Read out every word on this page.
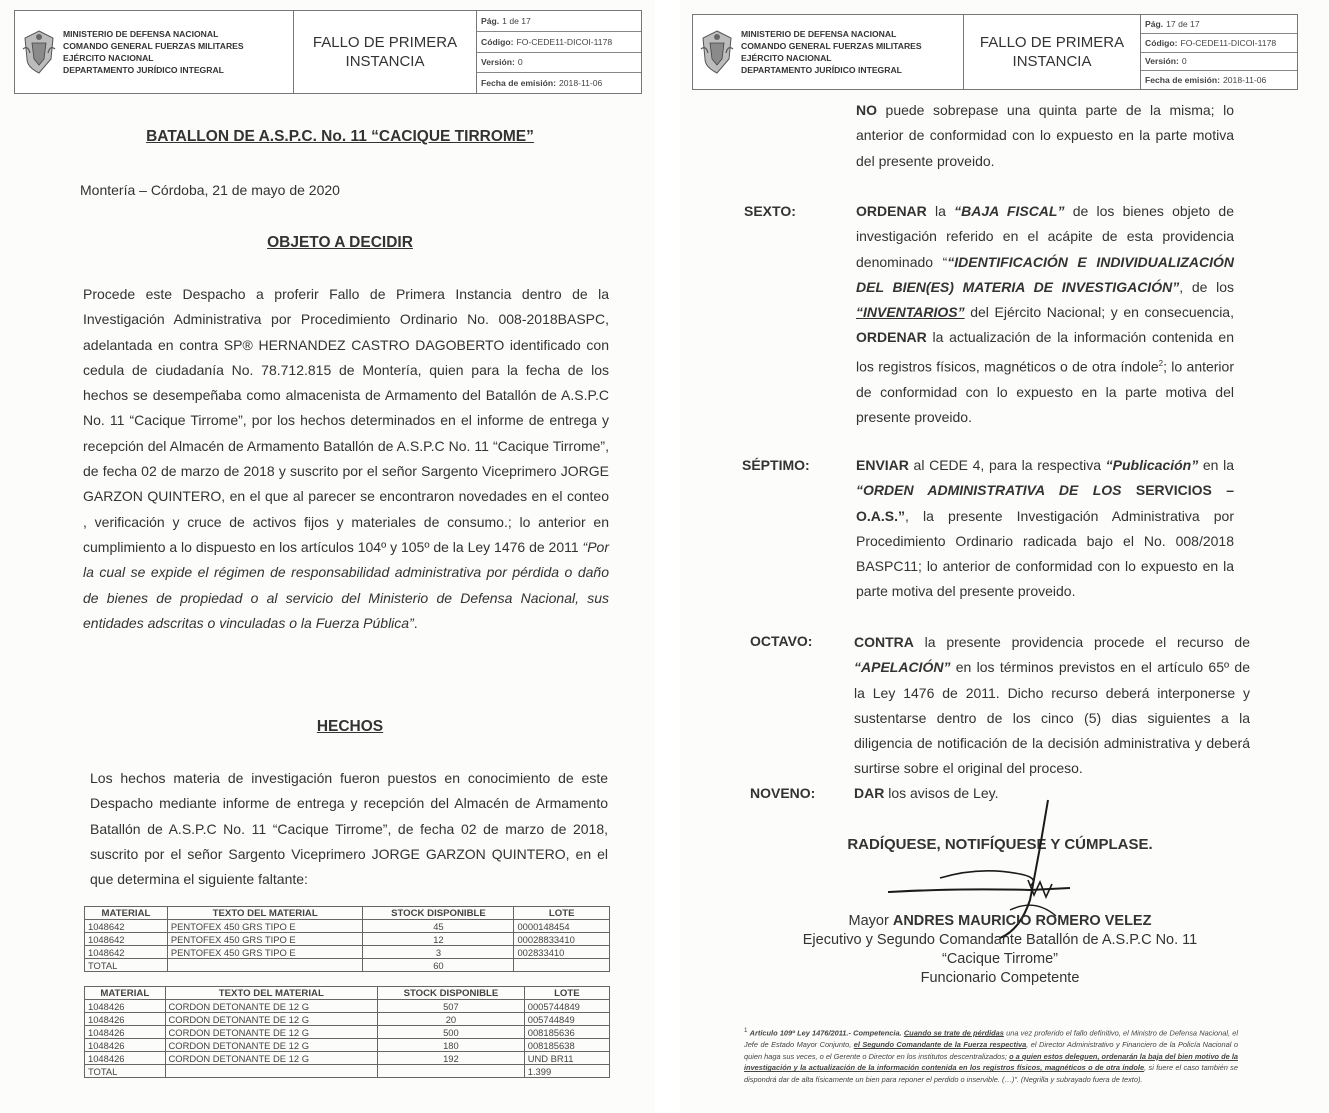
MINISTERIO DE DEFENSA NACIONAL
COMANDO GENERAL FUERZAS MILITARES
EJÉRCITO NACIONAL
DEPARTAMENTO JURÍDICO INTEGRAL
FALLO DE PRIMERA INSTANCIA
Pág. 1 de 17
Código: FO-CEDE11-DICOI-1178
Versión: 0
Fecha de emisión: 2018-11-06
BATALLON DE A.S.P.C. No. 11 “CACIQUE TIRROME”
Montería – Córdoba, 21 de mayo de 2020
OBJETO A DECIDIR
Procede este Despacho a proferir Fallo de Primera Instancia dentro de la Investigación Administrativa por Procedimiento Ordinario No. 008-2018BASPC, adelantada en contra SP® HERNANDEZ CASTRO DAGOBERTO identificado con cedula de ciudadanía No. 78.712.815 de Montería, quien para la fecha de los hechos se desempeñaba como almacenista de Armamento del Batallón de A.S.P.C No. 11 “Cacique Tirrome”, por los hechos determinados en el informe de entrega y recepción del Almacén de Armamento Batallón de A.S.P.C No. 11 “Cacique Tirrome”, de fecha 02 de marzo de 2018 y suscrito por el señor Sargento Viceprimero JORGE GARZON QUINTERO, en el que al parecer se encontraron novedades en el conteo , verificación y cruce de activos fijos y materiales de consumo.; lo anterior en cumplimiento a lo dispuesto en los artículos 104º y 105º de la Ley 1476 de 2011 “Por la cual se expide el régimen de responsabilidad administrativa por pérdida o daño de bienes de propiedad o al servicio del Ministerio de Defensa Nacional, sus entidades adscritas o vinculadas o la Fuerza Pública”.
HECHOS
Los hechos materia de investigación fueron puestos en conocimiento de este Despacho mediante informe de entrega y recepción del Almacén de Armamento Batallón de A.S.P.C No. 11 “Cacique Tirrome”, de fecha 02 de marzo de 2018, suscrito por el señor Sargento Viceprimero JORGE GARZON QUINTERO, en el que determina el siguiente faltante:
MATERIAL	TEXTO DEL MATERIAL	STOCK DISPONIBLE	LOTE
1048642	PENTOFEX 450 GRS TIPO E	45	0000148454
1048642	PENTOFEX 450 GRS TIPO E	12	00028833410
1048642	PENTOFEX 450 GRS TIPO E	3	002833410
TOTAL		60	
MATERIAL	TEXTO DEL MATERIAL	STOCK DISPONIBLE	LOTE
1048426	CORDON DETONANTE DE 12 G	507	0005744849
1048426	CORDON DETONANTE DE 12 G	20	005744849
1048426	CORDON DETONANTE DE 12 G	500	008185636
1048426	CORDON DETONANTE DE 12 G	180	008185638
1048426	CORDON DETONANTE DE 12 G	192	UND BR11
TOTAL			1.399
MINISTERIO DE DEFENSA NACIONAL
COMANDO GENERAL FUERZAS MILITARES
EJÉRCITO NACIONAL
DEPARTAMENTO JURÍDICO INTEGRAL
FALLO DE PRIMERA INSTANCIA
Pág. 17 de 17
Código: FO-CEDE11-DICOI-1178
Versión: 0
Fecha de emisión: 2018-11-06
NO puede sobrepase una quinta parte de la misma; lo anterior de conformidad con lo expuesto en la parte motiva del presente proveido.
SEXTO:	ORDENAR la “BAJA FISCAL” de los bienes objeto de investigación referido en el acápite de esta providencia denominado ““IDENTIFICACIÓN E INDIVIDUALIZACIÓN DEL BIEN(ES) MATERIA DE INVESTIGACIÓN”, de los “INVENTARIOS” del Ejército Nacional; y en consecuencia, ORDENAR la actualización de la información contenida en los registros físicos, magnéticos o de otra índole$^2$; lo anterior de conformidad con lo expuesto en la parte motiva del presente proveido.
SÉPTIMO:	ENVIAR al CEDE 4, para la respectiva “Publicación” en la “ORDEN ADMINISTRATIVA DE LOS SERVICIOS – O.A.S.”, la presente Investigación Administrativa por Procedimiento Ordinario radicada bajo el No. 008/2018 BASPC11; lo anterior de conformidad con lo expuesto en la parte motiva del presente proveido.
OCTAVO:	CONTRA la presente providencia procede el recurso de “APELACIÓN” en los términos previstos en el artículo 65º de la Ley 1476 de 2011. Dicho recurso deberá interponerse y sustentarse dentro de los cinco (5) dias siguientes a la diligencia de notificación de la decisión administrativa y deberá surtirse sobre el original del proceso.
NOVENO:	DAR los avisos de Ley.
RADÍQUESE, NOTIFÍQUESE Y CÚMPLASE.
Mayor ANDRES MAURICIO ROMERO VELEZ
Ejecutivo y Segundo Comandante Batallón de A.S.P.C No. 11
“Cacique Tirrome”
Funcionario Competente
$^1$ Artículo 109º Ley 1476/2011.- Competencia. Cuando se trate de pérdidas una vez proferido el fallo definitivo, el Ministro de Defensa Nacional, el Jefe de Estado Mayor Conjunto, el Segundo Comandante de la Fuerza respectiva, el Director Administrativo y Financiero de la Policía Nacional o quien haga sus veces, o el Gerente o Director en los institutos descentralizados; o a quien estos deleguen, ordenarán la baja del bien motivo de la investigación y la actualización de la información contenida en los registros físicos, magnéticos o de otra índole, si fuere el caso también se dispondrá dar de alta físicamente un bien para reponer el perdido o inservible. (…)”. (Negrilla y subrayado fuera de texto).
